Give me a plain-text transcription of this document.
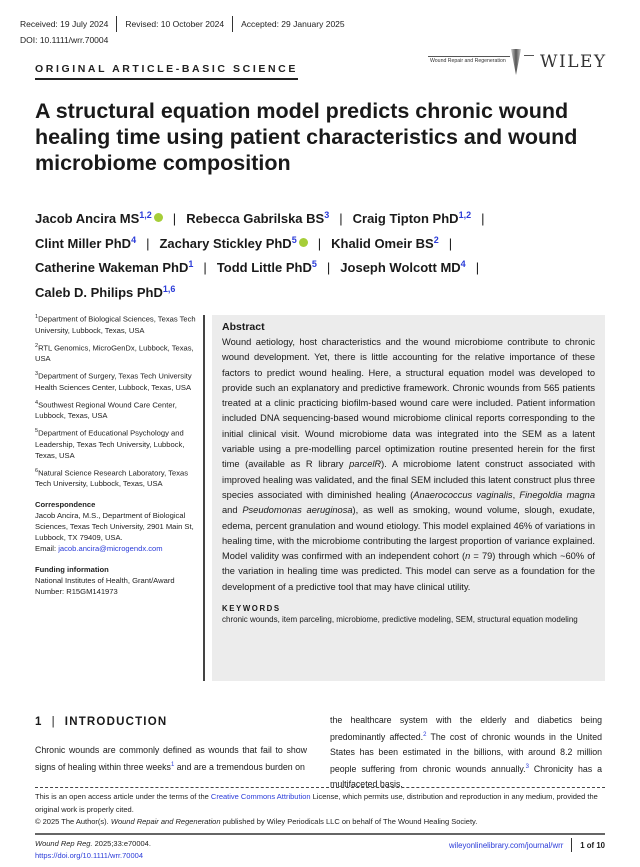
Received: 19 July 2024	Revised: 10 October 2024	Accepted: 29 January 2025
DOI: 10.1111/wrr.70004
ORIGINAL ARTICLE-BASIC SCIENCE
Wound Repair and Regeneration WILEY
A structural equation model predicts chronic wound healing time using patient characteristics and wound microbiome composition
Jacob Ancira MS$^{1,2}$ | Rebecca Gabrilska $BS^3$ | Craig Tipton PhD$^{1,2}$ |
Clint Miller PhD$^4$ | Zachary Stickley PhD$^5$ | Khalid Omeir $BS^2$ |
Catherine Wakeman PhD$^1$ | Todd Little PhD$^5$ | Joseph Wolcott $MD^4$ |
Caleb D. Philips PhD$^{1,6}$

$^1$Department of Biological Sciences, Texas Tech University, Lubbock, Texas, USA

$^2$RTL Genomics, MicroGenDx, Lubbock, Texas, USA

$^3$Department of Surgery, Texas Tech University Health Sciences Center, Lubbock, Texas, USA

$^4$Southwest Regional Wound Care Center, Lubbock, Texas, USA

$^5$Department of Educational Psychology and Leadership, Texas Tech University, Lubbock, Texas, USA

$^6$Natural Science Research Laboratory, Texas Tech University, Lubbock, Texas, USA

Correspondence
Jacob Ancira, M.S., Department of Biological Sciences, Texas Tech University, 2901 Main St, Lubbock, TX 79409, USA.
Email: jacob.ancira@microgendx.com
Funding information
National Institutes of Health, Grant/Award Number: R15GM141973
Abstract
Wound aetiology, host characteristics and the wound microbiome contribute to chronic wound development. Yet, there is little accounting for the relative importance of these factors to predict wound healing. Here, a structural equation model was developed to provide such an explanatory and predictive framework. Chronic wounds from 565 patients treated at a clinic practicing biofilm-based wound care were included. Patient information included DNA sequencing-based wound microbiome clinical reports corresponding to the initial clinical visit. Wound microbiome data was integrated into the SEM as a latent variable using a pre-modelling parcel optimization routine presented herein for the first time (available as R library parcelR). A microbiome latent construct associated with improved healing was validated, and the final SEM included this latent construct plus three species associated with diminished healing (Anaerococcus vaginalis, Finegoldia magna and Pseudomonas aeruginosa), as well as smoking, wound volume, slough, exudate, edema, percent granulation and wound etiology. This model explained 46% of variations in healing time, with the microbiome contributing the largest proportion of variance explained. Model validity was confirmed with an independent cohort (n = 79) through which ~60% of the variation in healing time was predicted. This model can serve as a foundation for the development of a predictive tool that may have clinical utility.
KEYWORDS
chronic wounds, item parceling, microbiome, predictive modeling, SEM, structural equation modeling
1 | INTRODUCTION
Chronic wounds are commonly defined as wounds that fail to show signs of healing within three weeks$^1$ and are a tremendous burden on
the healthcare system with the elderly and diabetics being predominantly affected.$^2$ The cost of chronic wounds in the United States has been estimated in the billions, with around 8.2 million people suffering from chronic wounds annually.$^3$ Chronicity has a multifaceted basis,
This is an open access article under the terms of the Creative Commons Attribution License, which permits use, distribution and reproduction in any medium, provided the original work is properly cited.
© 2025 The Author(s). Wound Repair and Regeneration published by Wiley Periodicals LLC on behalf of The Wound Healing Society.
Wound Rep Reg. 2025;33:e70004.
https://doi.org/10.1111/wrr.70004
wileyonlinelibrary.com/journal/wrr 1 of 10
